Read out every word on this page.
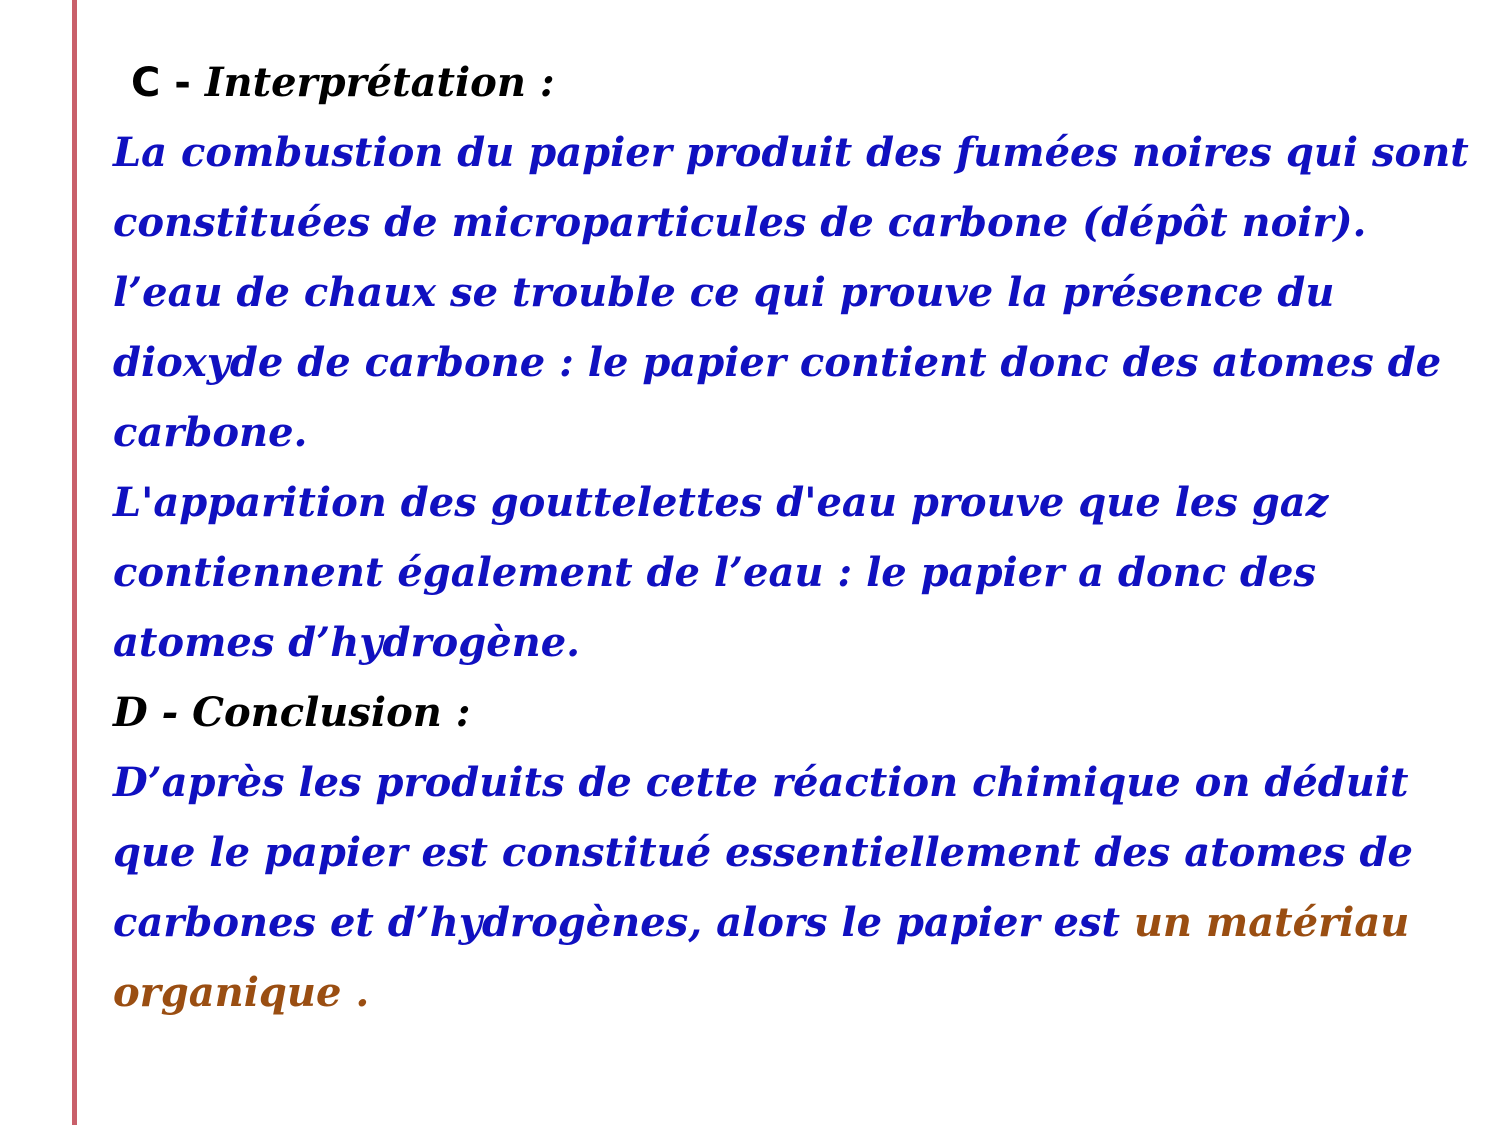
C - Interprétation :
La combustion du papier produit des fumées noires qui sont constituées de microparticules de carbone (dépôt noir).
l’eau de chaux se trouble ce qui prouve la présence du dioxyde de carbone : le papier contient donc des atomes de carbone.
L'apparition des gouttelettes d'eau prouve que les gaz contiennent également de l’eau : le papier a donc des atomes d’hydrogène.
D - Conclusion :
D’après les produits de cette réaction chimique on déduit que le papier est constitué essentiellement des atomes de carbones et d’hydrogènes, alors le papier est un matériau organique .
